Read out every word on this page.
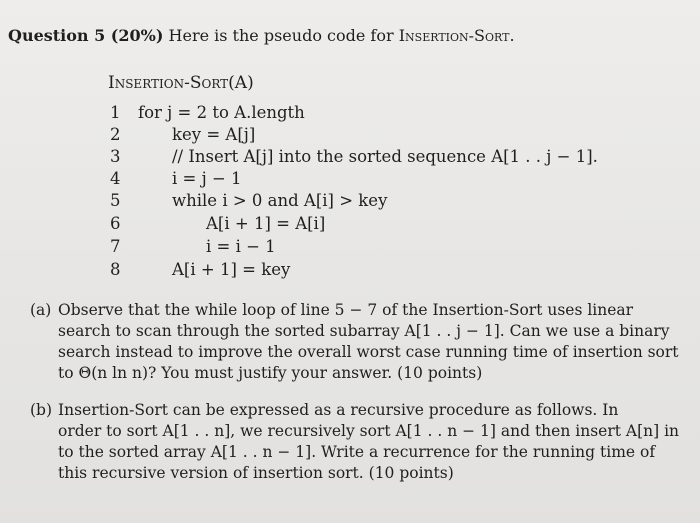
Question 5 (20%) Here is the pseudo code for Insertion-Sort.
Insertion-Sort(A)
1 for j = 2 to A.length
2	key = A[j]
3	// Insert A[j] into the sorted sequence A[1 . . j − 1].
4	i = j − 1
5	while i > 0 and A[i] > key
6	A[i + 1] = A[i]
7	i = i − 1
8	A[i + 1] = key
(a) Observe that the while loop of line 5 − 7 of the Insertion-Sort uses linear
search to scan through the sorted subarray A[1 . . j − 1]. Can we use a binary
search instead to improve the overall worst case running time of insertion sort
to Θ(n ln n)? You must justify your answer. (10 points)
(b) Insertion-Sort can be expressed as a recursive procedure as follows. In
order to sort A[1 . . n], we recursively sort A[1 . . n − 1] and then insert A[n] in
to the sorted array A[1 . . n − 1]. Write a recurrence for the running time of
this recursive version of insertion sort. (10 points)
